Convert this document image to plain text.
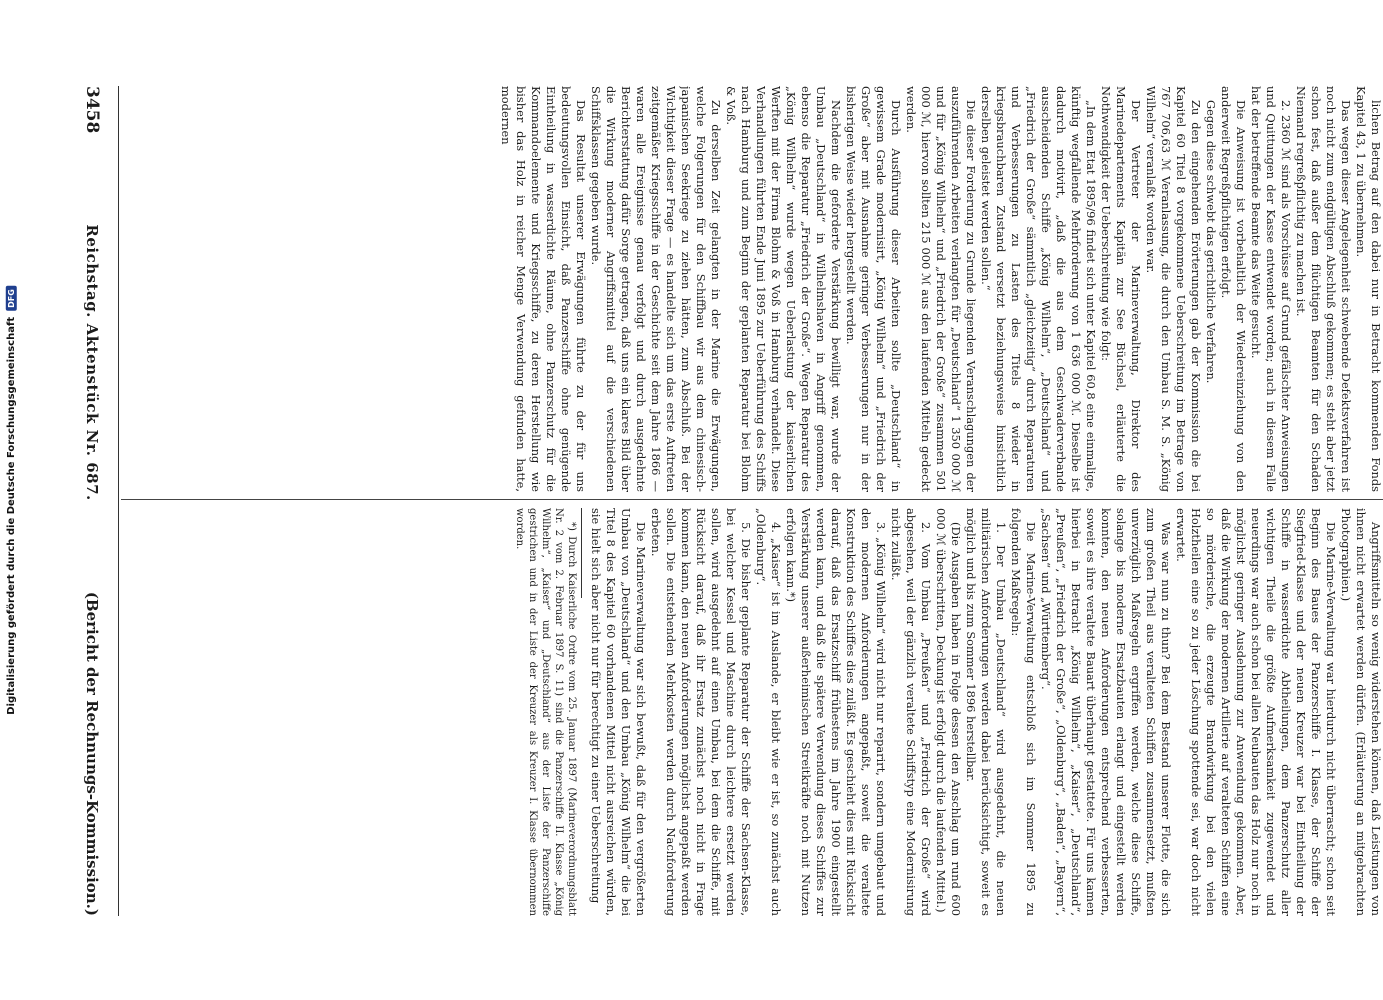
lichen Betrag auf den dabei nur in Betracht kommenden Fonds Kapitel 43, 1 zu übernehmen.

Das wegen dieser Angelegenheit schwebende Defektsverfahren ist noch nicht zum endgültigen Abschluß gekommen; es steht aber jetzt schon fest, daß außer dem flüchtigen Beamten für den Schaden Niemand regreßpflichtig zu machen ist.

2. 2360 ℳ sind als Vorschüsse auf Grund gefälschter Anweisungen und Quittungen der Kasse entwendet worden; auch in diesem Falle hat der betreffende Beamte das Weite gesucht.

Die Anweisung ist vorbehaltlich der Wiedereinziehung von den anderweit Regreßpflichtigen erfolgt.

Gegen diese schwebt das gerichtliche Verfahren.

Zu den eingehenden Erörterungen gab der Kommission die bei Kapitel 60 Titel 8 vorgekommene Ueberschreitung im Betrage von 767 706,63 ℳ Veranlassung, die durch den Umbau S. M. S. „König Wilhelm“ veranlaßt worden war.

Der Vertreter der Marineverwaltung, Direktor des Marinedepartements Kapitän zur See Büchsel, erläuterte die Nothwendigkeit der Ueberschreitung wie folgt:

„In dem Etat 1895/96 findet sich unter Kapitel 60,8 eine einmalige, künftig wegfallende Mehrforderung von 1 636 000 ℳ. Dieselbe ist dadurch motivirt, „daß die aus dem Geschwaderverbande ausscheidenden Schiffe „König Wilhelm“, „Deutschland“ und „Friedrich der Große“ sämmtlich „gleichzeitig“ durch Reparaturen und Verbesserungen zu Lasten des Titels 8 wieder in kriegsbrauchbaren Zustand versetzt beziehungsweise hinsichtlich derselben geleistet werden sollen.“

Die dieser Forderung zu Grunde liegenden Veranschlagungen der auszuführenden Arbeiten verlangten für „Deutschland“ 1 350 000 ℳ und für „König Wilhelm“ und „Friedrich der Große“ zusammen 501 000 ℳ, hiervon sollten 215 000 ℳ aus den laufenden Mitteln gedeckt werden.

Durch Ausführung dieser Arbeiten sollte „Deutschland“ in gewissem Grade modernisirt, „König Wilhelm“ und „Friedrich der Große“ aber mit Ausnahme geringer Verbesserungen nur in der bisherigen Weise wieder hergestellt werden.

Nachdem die geforderte Verstärkung bewilligt war, wurde der Umbau „Deutschland“ in Wilhelmshaven in Angriff genommen, ebenso die Reparatur „Friedrich der Große“. Wegen Reparatur des „König Wilhelm“ wurde wegen Ueberlastung der kaiserlichen Werften mit der Firma Blohm & Voß in Hamburg verhandelt. Diese Verhandlungen führten Ende Juni 1895 zur Ueberführung des Schiffs nach Hamburg und zum Beginn der geplanten Reparatur bei Blohm & Voß.

Zu derselben Zeit gelangten in der Marine die Erwägungen, welche Folgerungen für den Schiffbau wir aus dem chinesisch-japanischen Seekriege zu ziehen hätten, zum Abschluß. Bei der Wichtigkeit dieser Frage — es handelte sich um das erste Auftreten zeitgemäßer Kriegsschiffe in der Geschichte seit dem Jahre 1866 — waren alle Ereignisse genau verfolgt und durch ausgedehnte Berichterstattung dafür Sorge getragen, daß uns ein klares Bild über die Wirkung moderner Angriffsmittel auf die verschiedenen Schiffsklassen gegeben wurde.

Das Resultat unserer Erwägungen führte zu der für uns bedeutungsvollen Einsicht, daß Panzerschiffe ohne genügende Eintheilung in wasserdichte Räume, ohne Panzerschutz für die Kommandoelemente und Kriegsschiffe, zu deren Herstellung wie bisher das Holz in reicher Menge Verwendung gefunden hatte, modernen

Angriffsmitteln so wenig widerstehen können, daß Leistungen von ihnen nicht erwartet werden dürfen. (Erläuterung an mitgebrachten Photographien.)

Die Marine-Verwaltung war hierdurch nicht überrascht; schon seit Beginn des Baues der Panzerschiffe I. Klasse, der Schiffe der Siegfried-Klasse und der neuen Kreuzer war bei Eintheilung der Schiffe in wasserdichte Abtheilungen, dem Panzerschutz aller wichtigen Theile die größte Aufmerksamkeit zugewendet und neuerdings war auch schon bei allen Neubauten das Holz nur noch in möglichst geringer Ausdehnung zur Anwendung gekommen. Aber, daß die Wirkung der modernen Artillerie auf veralteten Schiffen eine so mörderische, die erzeugte Brandwirkung bei den vielen Holztheilen eine so zu jeder Löschung spottende sei, war doch nicht erwartet.

Was war nun zu thun? Bei dem Bestand unserer Flotte, die sich zum großen Theil aus veralteten Schiffen zusammensetzt, mußten unverzüglich Maßregeln ergriffen werden, welche diese Schiffe, solange bis moderne Ersatzbauten erlangt und eingestellt werden konnten, den neuen Anforderungen entsprechend verbesserten, soweit es ihre veraltete Bauart überhaupt gestattete. Für uns kamen hierbei in Betracht „König Wilhelm“, „Kaiser“, „Deutschland“, „Preußen“, „Friedrich der Große“, „Oldenburg“, „Baden“, „Bayern“, „Sachsen“ und „Württemberg“.

Die Marine-Verwaltung entschloß sich im Sommer 1895 zu folgenden Maßregeln:

1. Der Umbau „Deutschland“ wird ausgedehnt, die neuen militärischen Anforderungen werden dabei berücksichtigt, soweit es möglich und bis zum Sommer 1896 herstellbar.

(Die Ausgaben haben in Folge dessen den Anschlag um rund 600 000 ℳ überschritten, Deckung ist erfolgt durch die laufenden Mittel.)

2. Vom Umbau „Preußen“ und „Friedrich der Große“ wird abgesehen, weil der gänzlich veraltete Schiffstyp eine Modernisirung nicht zuläßt.

3. „König Wilhelm“ wird nicht nur reparirt, sondern umgebaut und den modernen Anforderungen angepaßt, soweit die veraltete Konstruktion des Schiffes dies zuläßt. Es geschieht dies mit Rücksicht darauf, daß das Ersatzschiff frühestens im Jahre 1900 eingestellt werden kann, und daß die spätere Verwendung dieses Schiffes zur Verstärkung unserer außerheimischen Streitkräfte noch mit Nutzen erfolgen kann.*)

4. „Kaiser“ ist im Auslande, er bleibt wie er ist, so zunächst auch „Oldenburg“.

5. Die bisher geplante Reparatur der Schiffe der Sachsen-Klasse, bei welcher Kessel und Maschine durch leichtere ersetzt werden sollen, wird ausgedehnt auf einen Umbau, bei dem die Schiffe, mit Rücksicht darauf, daß ihr Ersatz zunächst noch nicht in Frage kommen kann, den neuen Anforderungen möglichst angepaßt werden sollen. Die entstehenden Mehrkosten werden durch Nachforderung erbeten.

Die Marineverwaltung war sich bewußt, daß für den vergrößerten Umbau von „Deutschland“ und den Umbau „König Wilhelm“ die bei Titel 8 des Kapitel 60 vorhandenen Mittel nicht ausreichen würden, sie hielt sich aber nicht nur für berechtigt zu einer Ueberschreitung

*) Durch Kaiserliche Ordre vom 25. Januar 1897 (Marineverordnungsblatt Nr. 2 vom 2. Februar 1897 S. 11) sind die Panzerschiffe II. Klasse „König Wilhelm“, „Kaiser“ und „Deutschland“ aus der Liste der Panzerschiffe gestrichen und in der Liste der Kreuzer als Kreuzer I. Klasse übernommen worden.

3458
Reichstag. Aktenstück Nr. 687.
(Bericht der Rechnungs-Kommission.)
Digitalisierung gefördert durch die Deutsche Forschungsgemeinschaft
DFG
